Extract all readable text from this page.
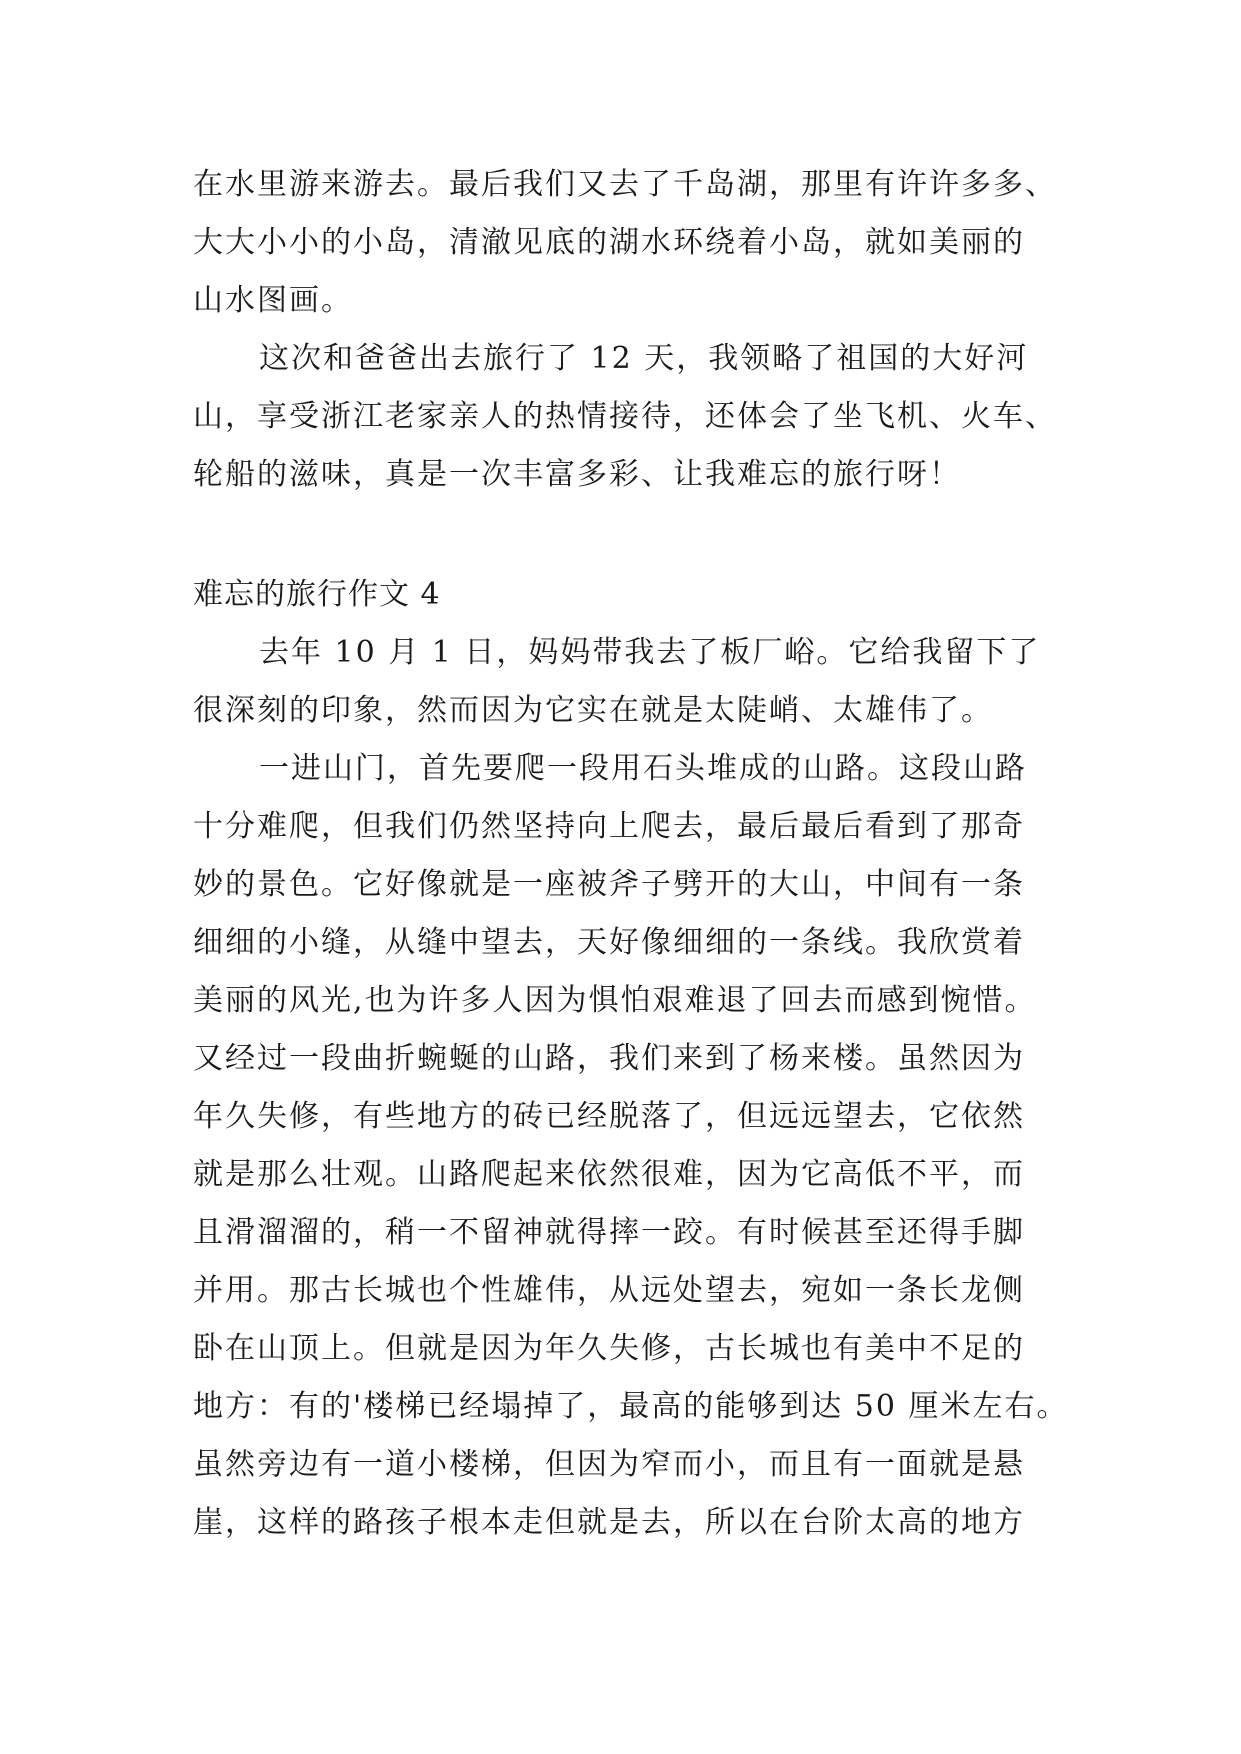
在水里游来游去。最后我们又去了千岛湖，那里有许许多多、
大大小小的小岛，清澈见底的湖水环绕着小岛，就如美丽的
山水图画。
这次和爸爸出去旅行了 12 天，我领略了祖国的大好河
山，享受浙江老家亲人的热情接待，还体会了坐飞机、火车、
轮船的滋味，真是一次丰富多彩、让我难忘的旅行呀！
难忘的旅行作文 4
去年 10 月 1 日，妈妈带我去了板厂峪。它给我留下了
很深刻的印象，然而因为它实在就是太陡峭、太雄伟了。
一进山门，首先要爬一段用石头堆成的山路。这段山路
十分难爬，但我们仍然坚持向上爬去，最后最后看到了那奇
妙的景色。它好像就是一座被斧子劈开的大山，中间有一条
细细的小缝，从缝中望去，天好像细细的一条线。我欣赏着
美丽的风光,也为许多人因为惧怕艰难退了回去而感到惋惜。
又经过一段曲折蜿蜒的山路，我们来到了杨来楼。虽然因为
年久失修，有些地方的砖已经脱落了，但远远望去，它依然
就是那么壮观。山路爬起来依然很难，因为它高低不平，而
且滑溜溜的，稍一不留神就得摔一跤。有时候甚至还得手脚
并用。那古长城也个性雄伟，从远处望去，宛如一条长龙侧
卧在山顶上。但就是因为年久失修，古长城也有美中不足的
地方：有的'楼梯已经塌掉了，最高的能够到达 50 厘米左右。
虽然旁边有一道小楼梯，但因为窄而小，而且有一面就是悬
崖，这样的路孩子根本走但就是去，所以在台阶太高的地方
